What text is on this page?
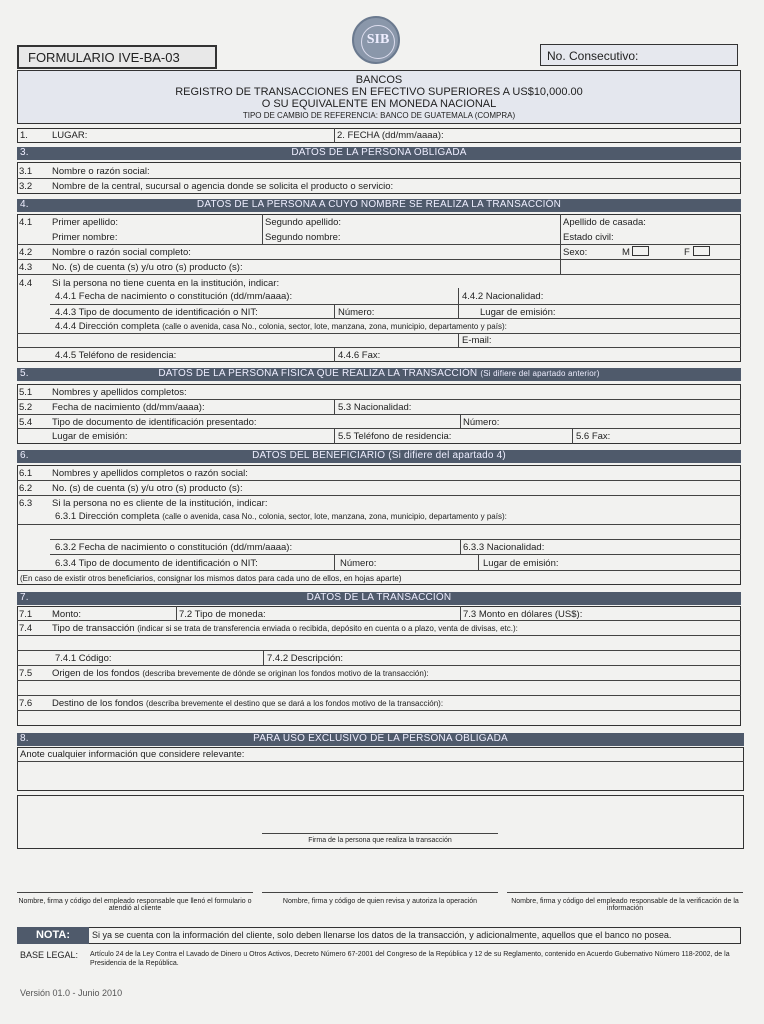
FORMULARIO IVE-BA-03
SIB
No. Consecutivo:
BANCOS
REGISTRO DE TRANSACCIONES EN EFECTIVO SUPERIORES A US$10,000.00
O SU EQUIVALENTE EN MONEDA NACIONAL
TIPO DE CAMBIO DE REFERENCIA: BANCO DE GUATEMALA (COMPRA)
1.	LUGAR:	2. FECHA (dd/mm/aaaa):
3.	DATOS DE LA PERSONA OBLIGADA
3.1 Nombre o razón social:
3.2 Nombre de la central, sucursal o agencia donde se solicita el producto o servicio:
4.	DATOS DE LA PERSONA A CUYO NOMBRE SE REALIZA LA TRANSACCIÓN
4.1 Primer apellido:	Segundo apellido:	Apellido de casada:
Primer nombre:	Segundo nombre:	Estado civil:
4.2 Nombre o razón social completo:	Sexo:	M	F
4.3 No. (s) de cuenta (s) y/u otro (s) producto (s):
4.4 Si la persona no tiene cuenta en la institución, indicar:
4.4.1 Fecha de nacimiento o constitución (dd/mm/aaaa):	4.4.2 Nacionalidad:
4.4.3 Tipo de documento de identificación o NIT:	Número:	Lugar de emisión:
4.4.4 Dirección completa (calle o avenida, casa No., colonia, sector, lote, manzana, zona, municipio, departamento y país):
E-mail:
4.4.5 Teléfono de residencia:	4.4.6 Fax:
5.	DATOS DE LA PERSONA FÍSICA QUE REALIZA LA TRANSACCIÓN (Si difiere del apartado anterior)
5.1 Nombres y apellidos completos:
5.2 Fecha de nacimiento (dd/mm/aaaa):	5.3 Nacionalidad:
5.4 Tipo de documento de identificación presentado:	Número:
Lugar de emisión:	5.5 Teléfono de residencia:	5.6 Fax:
6.	DATOS DEL BENEFICIARIO (Si difiere del apartado 4)
6.1 Nombres y apellidos completos o razón social:
6.2 No. (s) de cuenta (s) y/u otro (s) producto (s):
6.3 Si la persona no es cliente de la institución, indicar:
6.3.1 Dirección completa (calle o avenida, casa No., colonia, sector, lote, manzana, zona, municipio, departamento y país):
6.3.2 Fecha de nacimiento o constitución (dd/mm/aaaa):	6.3.3 Nacionalidad:
6.3.4 Tipo de documento de identificación o NIT:	Número:	Lugar de emisión:
(En caso de existir otros beneficiarios, consignar los mismos datos para cada uno de ellos, en hojas aparte)
7.	DATOS DE LA TRANSACCIÓN
7.1 Monto:	7.2 Tipo de moneda:	7.3 Monto en dólares (US$):
7.4 Tipo de transacción (indicar si se trata de transferencia enviada o recibida, depósito en cuenta o a plazo, venta de divisas, etc.):
7.4.1 Código:	7.4.2 Descripción:
7.5 Origen de los fondos (describa brevemente de dónde se originan los fondos motivo de la transacción):
7.6 Destino de los fondos (describa brevemente el destino que se dará a los fondos motivo de la transacción):
8.	PARA USO EXCLUSIVO DE LA PERSONA OBLIGADA
Anote cualquier información que considere relevante:
Firma de la persona que realiza la transacción
Nombre, firma y código del empleado responsable que llenó el formulario o atendió al cliente
Nombre, firma y código de quien revisa y autoriza la operación	Nombre, firma y código del empleado responsable de la verificación de la información
NOTA:	Si ya se cuenta con la información del cliente, solo deben llenarse los datos de la transacción, y adicionalmente, aquellos que el banco no posea.
BASE LEGAL: Artículo 24 de la Ley Contra el Lavado de Dinero u Otros Activos, Decreto Número 67-2001 del Congreso de la República y 12 de su Reglamento, contenido en Acuerdo Gubernativo Número 118-2002, de la Presidencia de la República.
Versión 01.0 - Junio 2010
